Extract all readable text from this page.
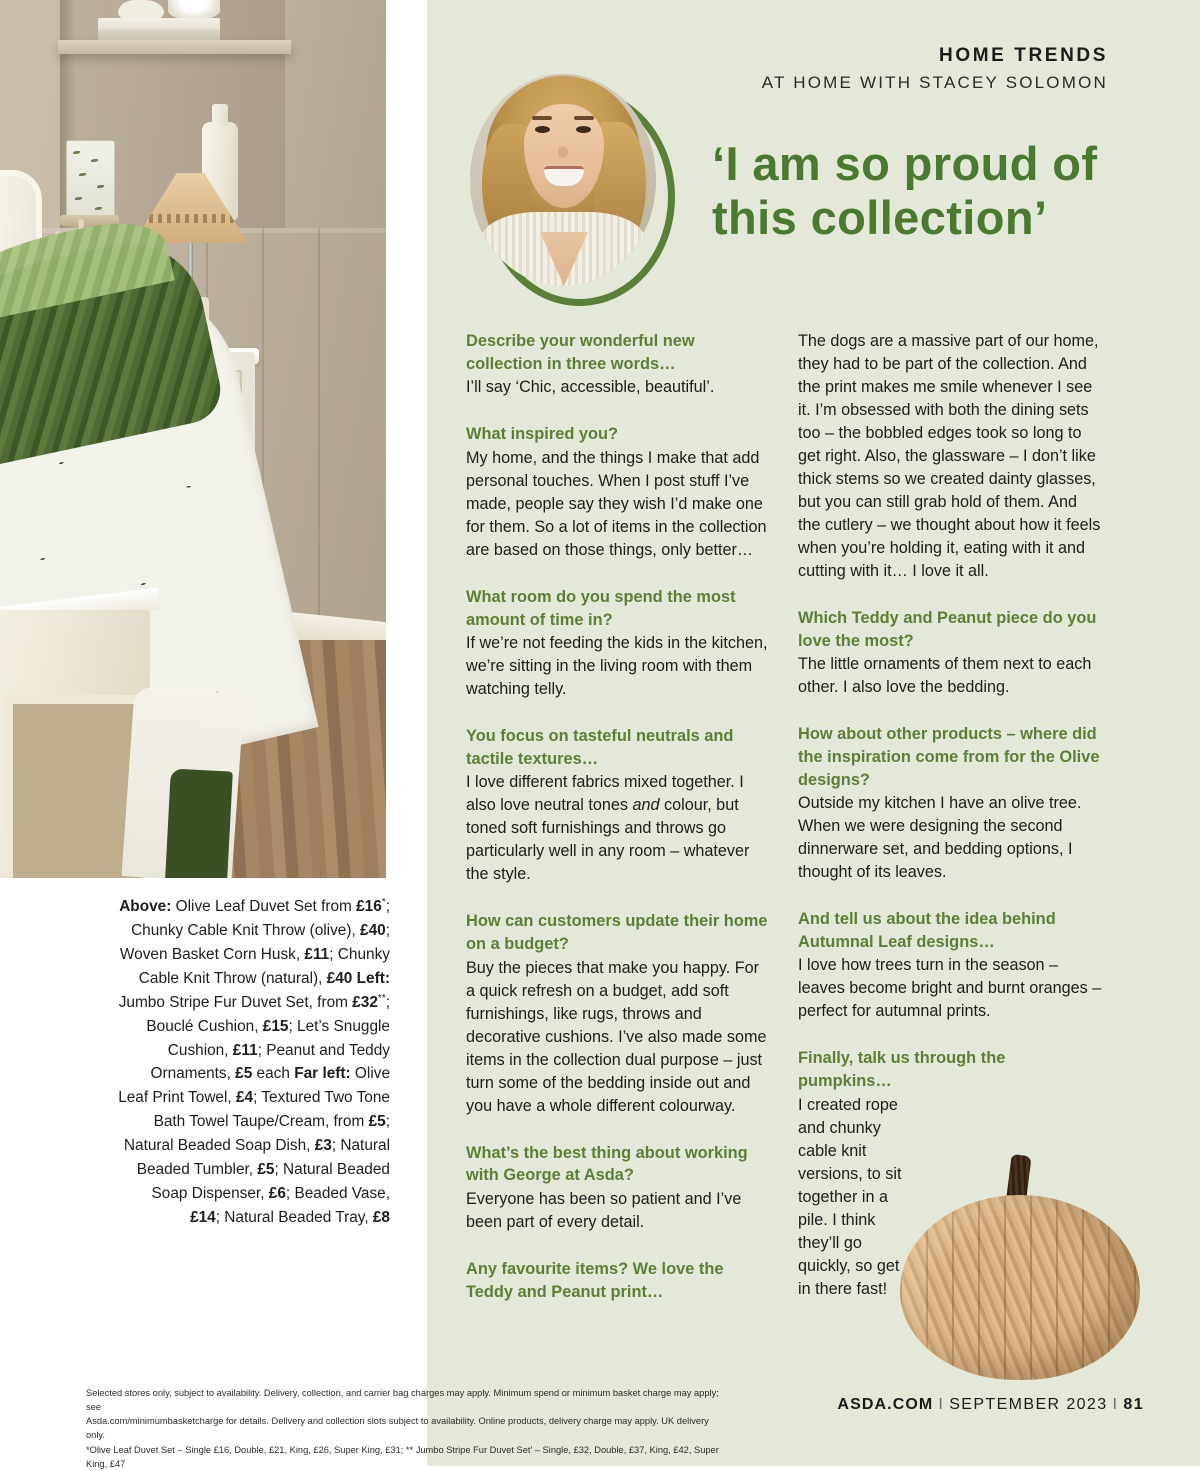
HOME TRENDS
AT HOME WITH STACEY SOLOMON
‘I am so proud of this collection’
Describe your wonderful new collection in three words…
I’ll say ‘Chic, accessible, beautiful’.
What inspired you?
My home, and the things I make that add personal touches. When I post stuff I’ve made, people say they wish I’d make one for them. So a lot of items in the collection are based on those things, only better…
What room do you spend the most amount of time in?
If we’re not feeding the kids in the kitchen, we’re sitting in the living room with them watching telly.
You focus on tasteful neutrals and tactile textures…
I love different fabrics mixed together. I also love neutral tones and colour, but toned soft furnishings and throws go particularly well in any room – whatever the style.
How can customers update their home on a budget?
Buy the pieces that make you happy. For a quick refresh on a budget, add soft furnishings, like rugs, throws and decorative cushions. I’ve also made some items in the collection dual purpose – just turn some of the bedding inside out and you have a whole different colourway.
What’s the best thing about working with George at Asda?
Everyone has been so patient and I’ve been part of every detail.
Any favourite items? We love the Teddy and Peanut print…
The dogs are a massive part of our home, they had to be part of the collection. And the print makes me smile whenever I see it. I’m obsessed with both the dining sets too – the bobbled edges took so long to get right. Also, the glassware – I don’t like thick stems so we created dainty glasses, but you can still grab hold of them. And the cutlery – we thought about how it feels when you’re holding it, eating with it and cutting with it… I love it all.
Which Teddy and Peanut piece do you love the most?
The little ornaments of them next to each other. I also love the bedding.
How about other products – where did the inspiration come from for the Olive designs?
Outside my kitchen I have an olive tree. When we were designing the second dinnerware set, and bedding options, I thought of its leaves.
And tell us about the idea behind Autumnal Leaf designs…
I love how trees turn in the season – leaves become bright and burnt oranges – perfect for autumnal prints.
Finally, talk us through the pumpkins…
I created rope and chunky cable knit versions, to sit together in a pile. I think they’ll go quickly, so get in there fast!
Above: Olive Leaf Duvet Set from £16*; Chunky Cable Knit Throw (olive), £40; Woven Basket Corn Husk, £11; Chunky Cable Knit Throw (natural), £40 Left: Jumbo Stripe Fur Duvet Set, from £32**; Bouclé Cushion, £15; Let’s Snuggle Cushion, £11; Peanut and Teddy Ornaments, £5 each Far left: Olive Leaf Print Towel, £4; Textured Two Tone Bath Towel Taupe/Cream, from £5; Natural Beaded Soap Dish, £3; Natural Beaded Tumbler, £5; Natural Beaded Soap Dispenser, £6; Beaded Vase, £14; Natural Beaded Tray, £8
Selected stores only, subject to availability. Delivery, collection, and carrier bag charges may apply. Minimum spend or minimum basket charge may apply; see
Asda.com/minimumbasketcharge for details. Delivery and collection slots subject to availability. Online products, delivery charge may apply. UK delivery only.
*Olive Leaf Duvet Set – Single £16, Double, £21, King, £26, Super King, £31; ** Jumbo Stripe Fur Duvet Set' – Single, £32, Double, £37, King, £42, Super King, £47
ASDA.COM I SEPTEMBER 2023 I 81
